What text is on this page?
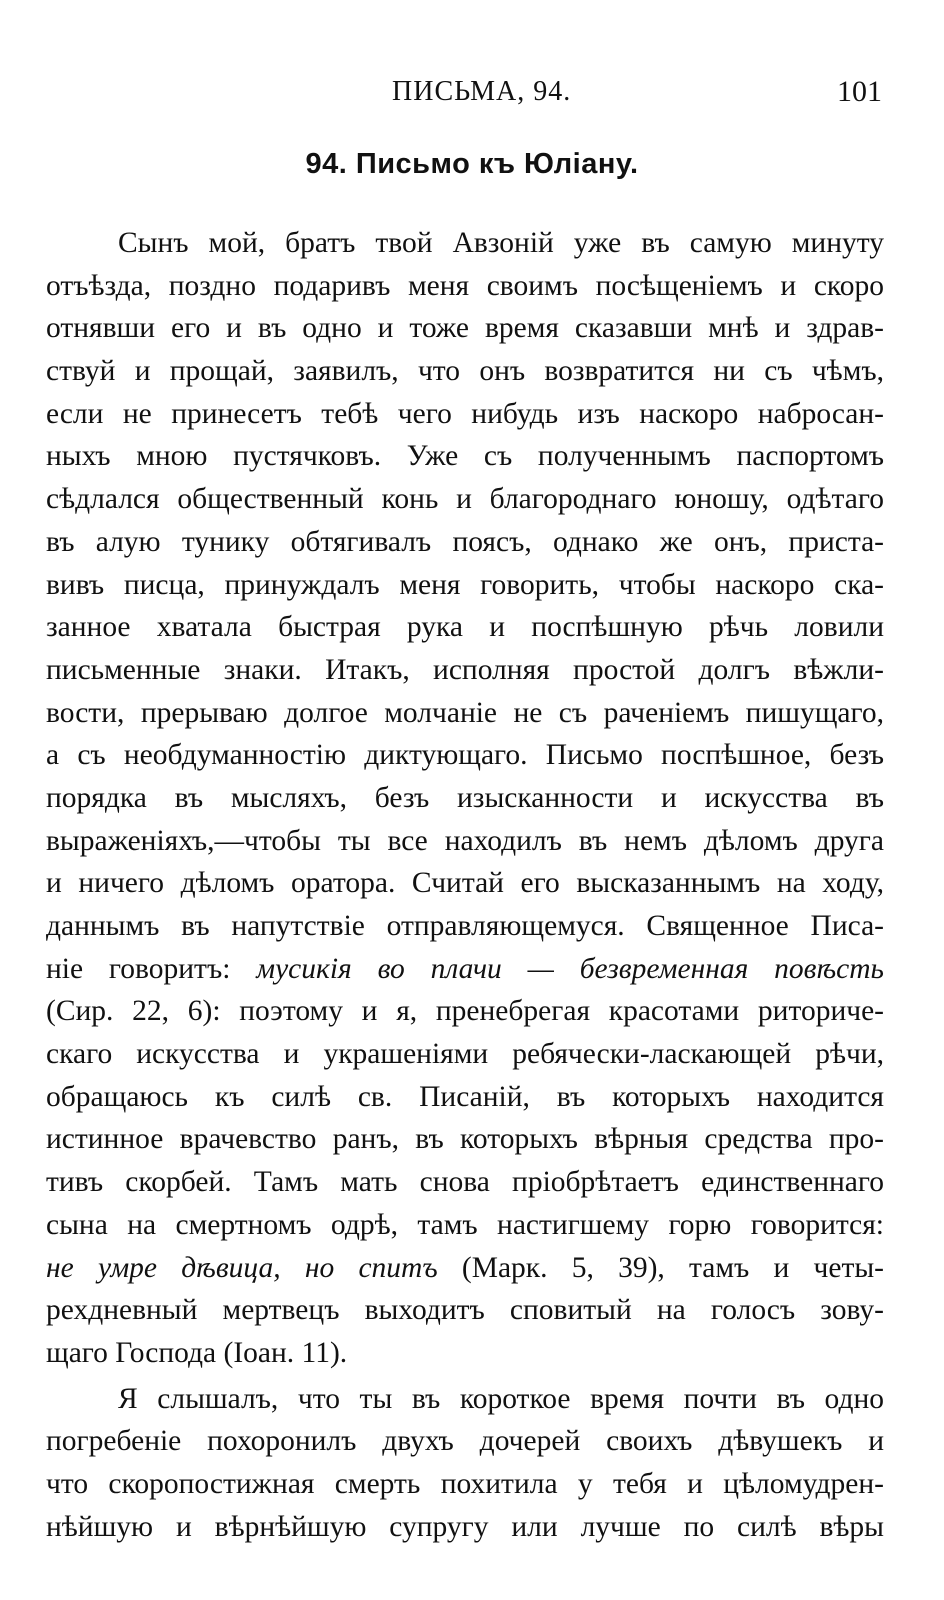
ПИСЬМА, 94.	101
94. Письмо къ Юліану.
Сынъ мой, братъ твой Авзоній уже въ самую минуту
отъѣзда, поздно подаривъ меня своимъ посѣщеніемъ и скоро
отнявши его и въ одно и тоже время сказавши мнѣ и здрав-
ствуй и прощай, заявилъ, что онъ возвратится ни съ чѣмъ,
если не принесетъ тебѣ чего нибудь изъ наскоро набросан-
ныхъ мною пустячковъ. Уже съ полученнымъ паспортомъ
сѣдлался общественный конь и благороднаго юношу, одѣтаго
въ алую тунику обтягивалъ поясъ, однако же онъ, приста-
вивъ писца, принуждалъ меня говорить, чтобы наскоро ска-
занное хватала быстрая рука и поспѣшную рѣчь ловили
письменные знаки. Итакъ, исполняя простой долгъ вѣжли-
вости, прерываю долгое молчаніе не съ раченіемъ пишущаго,
а съ необдуманностію диктующаго. Письмо поспѣшное, безъ
порядка въ мысляхъ, безъ изысканности и искусства въ
выраженіяхъ,—чтобы ты все находилъ въ немъ дѣломъ друга
и ничего дѣломъ оратора. Считай его высказаннымъ на ходу,
даннымъ въ напутствіе отправляющемуся. Священное Писа-
ніе говоритъ: мусикія во плачи — безвременная повѣсть
(Сир. 22, 6): поэтому и я, пренебрегая красотами риториче-
скаго искусства и украшеніями ребячески-ласкающей рѣчи,
обращаюсь къ силѣ св. Писаній, въ которыхъ находится
истинное врачевство ранъ, въ которыхъ вѣрныя средства про-
тивъ скорбей. Тамъ мать снова пріобрѣтаетъ единственнаго
сына на смертномъ одрѣ, тамъ настигшему горю говорится:
не умре дѣвица, но спитъ (Марк. 5, 39), тамъ и четы-
рехдневный мертвецъ выходитъ сповитый на голосъ зову-
щаго Господа (Іоан. 11).
Я слышалъ, что ты въ короткое время почти въ одно
погребеніе похоронилъ двухъ дочерей своихъ дѣвушекъ и
что скоропостижная смерть похитила у тебя и цѣломудрен-
нѣйшую и вѣрнѣйшую супругу или лучше по силѣ вѣры
